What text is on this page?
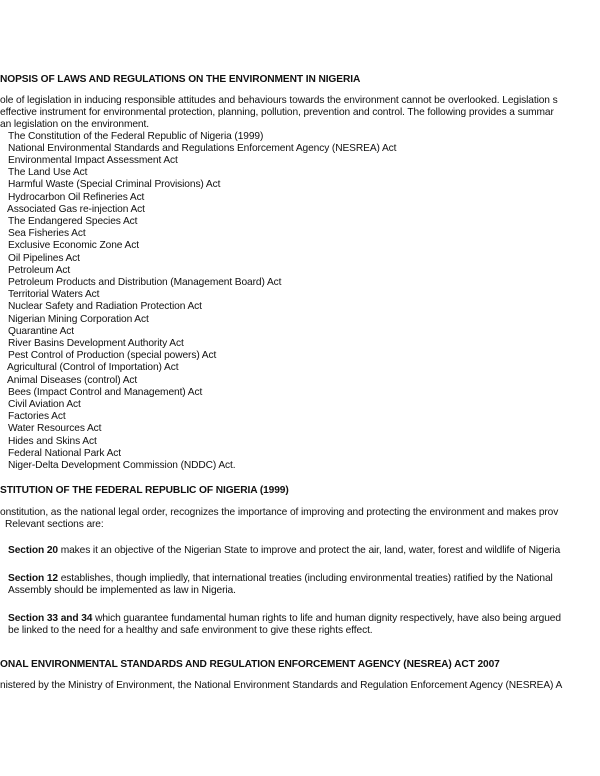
NOPSIS OF LAWS AND REGULATIONS ON THE ENVIRONMENT IN NIGERIA
ole of legislation in inducing responsible attitudes and behaviours towards the environment cannot be overlooked. Legislation s
effective instrument for environmental protection, planning, pollution, prevention and control. The following provides a summar
an legislation on the environment.
The Constitution of the Federal Republic of Nigeria (1999)
National Environmental Standards and Regulations Enforcement Agency (NESREA) Act
Environmental Impact Assessment Act
The Land Use Act
Harmful Waste (Special Criminal Provisions) Act
Hydrocarbon Oil Refineries Act
Associated Gas re-injection Act
The Endangered Species Act
Sea Fisheries Act
Exclusive Economic Zone Act
Oil Pipelines Act
Petroleum Act
Petroleum Products and Distribution (Management Board) Act
Territorial Waters Act
Nuclear Safety and Radiation Protection Act
Nigerian Mining Corporation Act
Quarantine Act
River Basins Development Authority Act
Pest Control of Production (special powers) Act
Agricultural (Control of Importation) Act
Animal Diseases (control) Act
Bees (Impact Control and Management) Act
Civil Aviation Act
Factories Act
Water Resources Act
Hides and Skins Act
Federal National Park Act
Niger-Delta Development Commission (NDDC) Act.
STITUTION OF THE FEDERAL REPUBLIC OF NIGERIA (1999)
onstitution, as the national legal order, recognizes the importance of improving and protecting the environment and makes prov
Relevant sections are:
Section 20 makes it an objective of the Nigerian State to improve and protect the air, land, water, forest and wildlife of Nigeria
Section 12 establishes, though impliedly, that international treaties (including environmental treaties) ratified by the National
Assembly should be implemented as law in Nigeria.
Section 33 and 34 which guarantee fundamental human rights to life and human dignity respectively, have also being argued
be linked to the need for a healthy and safe environment to give these rights effect.
ONAL ENVIRONMENTAL STANDARDS AND REGULATION ENFORCEMENT AGENCY (NESREA) ACT 2007
nistered by the Ministry of Environment, the National Environment Standards and Regulation Enforcement Agency (NESREA) A
